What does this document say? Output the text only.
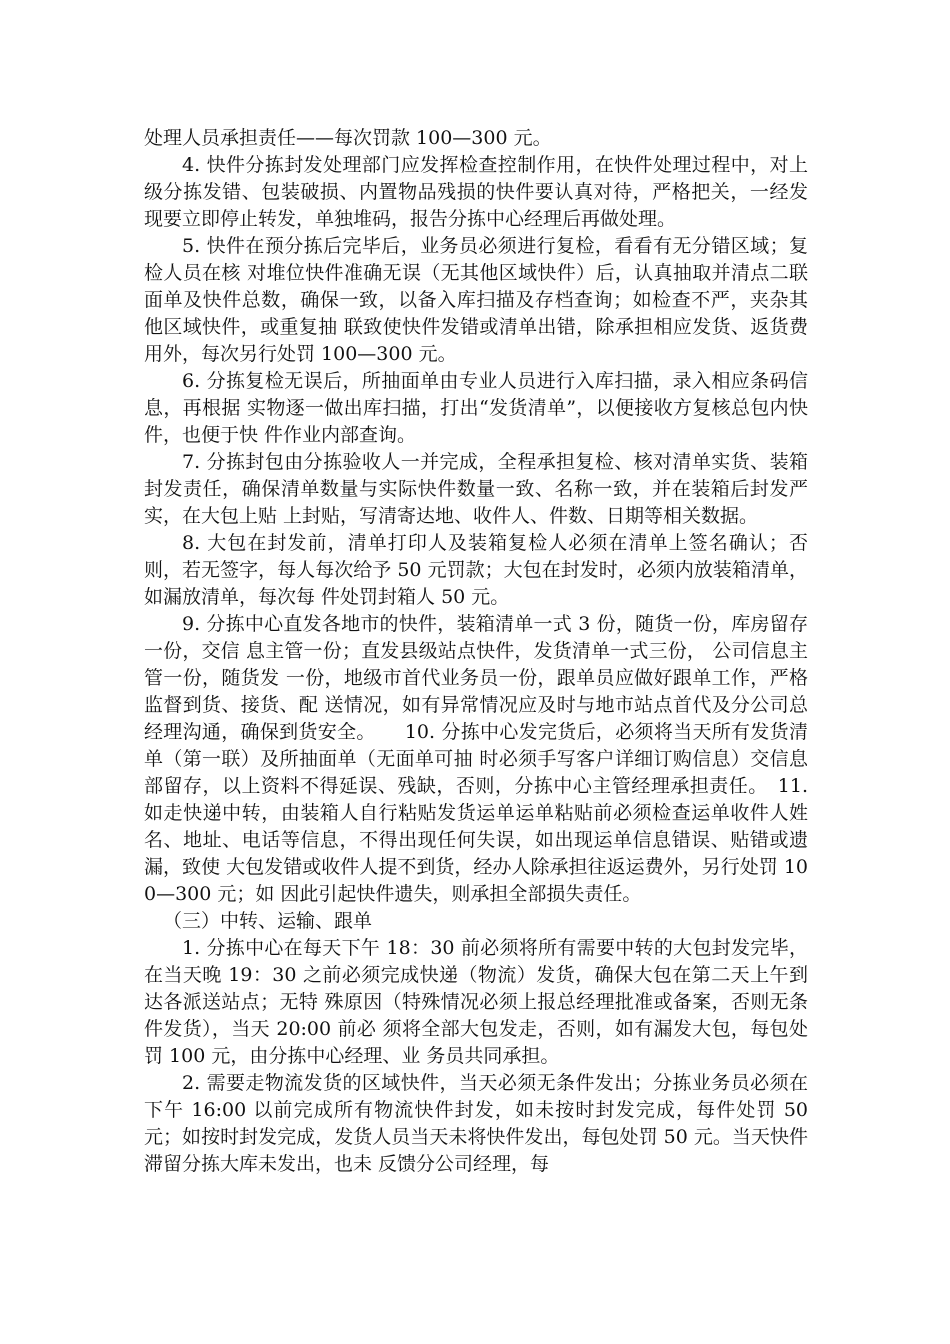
处理人员承担责任——每次罚款 100—300 元。

4. 快件分拣封发处理部门应发挥检查控制作用，在快件处理过程中，对上级分拣发错、包装破损、内置物品残损的快件要认真对待，严格把关，一经发现要立即停止转发，单独堆码，报告分拣中心经理后再做处理。

5. 快件在预分拣后完毕后，业务员必须进行复检，看看有无分错区域；复检人员在核 对堆位快件准确无误（无其他区域快件）后，认真抽取并清点二联面单及快件总数，确保一致，以备入库扫描及存档查询；如检查不严，夹杂其他区域快件，或重复抽 联致使快件发错或清单出错，除承担相应发货、返货费用外，每次另行处罚 100—300 元。

6. 分拣复检无误后，所抽面单由专业人员进行入库扫描，录入相应条码信息，再根据 实物逐一做出库扫描，打出“发货清单”，以便接收方复核总包内快件，也便于快 件作业内部查询。

7. 分拣封包由分拣验收人一并完成，全程承担复检、核对清单实货、装箱封发责任，确保清单数量与实际快件数量一致、名称一致，并在装箱后封发严实，在大包上贴 上封贴，写清寄达地、收件人、件数、日期等相关数据。

8. 大包在封发前，清单打印人及装箱复检人必须在清单上签名确认；否则，若无签字，每人每次给予 50 元罚款；大包在封发时，必须内放装箱清单，如漏放清单，每次每 件处罚封箱人 50 元。

9. 分拣中心直发各地市的快件，装箱清单一式 3 份，随货一份，库房留存一份，交信 息主管一份；直发县级站点快件，发货清单一式三份， 公司信息主管一份，随货发 一份，地级市首代业务员一份，跟单员应做好跟单工作，严格监督到货、接货、配 送情况，如有异常情况应及时与地市站点首代及分公司总经理沟通，确保到货安全。　　10. 分拣中心发完货后，必须将当天所有发货清单（第一联）及所抽面单（无面单可抽 时必须手写客户详细订购信息）交信息部留存，以上资料不得延误、残缺，否则，分拣中心主管经理承担责任。　11. 如走快递中转，由装箱人自行粘贴发货运单运单粘贴前必须检查运单收件人姓名、地址、电话等信息，不得出现任何失误，如出现运单信息错误、贴错或遗漏，致使 大包发错或收件人提不到货，经办人除承担往返运费外，另行处罚 100—300 元；如 因此引起快件遗失，则承担全部损失责任。

（三）中转、运输、跟单

1. 分拣中心在每天下午 18：30 前必须将所有需要中转的大包封发完毕，在当天晚 19：30 之前必须完成快递（物流）发货，确保大包在第二天上午到达各派送站点；无特 殊原因（特殊情况必须上报总经理批准或备案，否则无条件发货），当天 20:00 前必 须将全部大包发走，否则，如有漏发大包，每包处罚 100 元，由分拣中心经理、业 务员共同承担。

2. 需要走物流发货的区域快件，当天必须无条件发出；分拣业务员必须在下午 16:00 以前完成所有物流快件封发，如未按时封发完成，每件处罚 50 元；如按时封发完成，发货人员当天未将快件发出，每包处罚 50 元。当天快件滞留分拣大库未发出，也未 反馈分公司经理，每
